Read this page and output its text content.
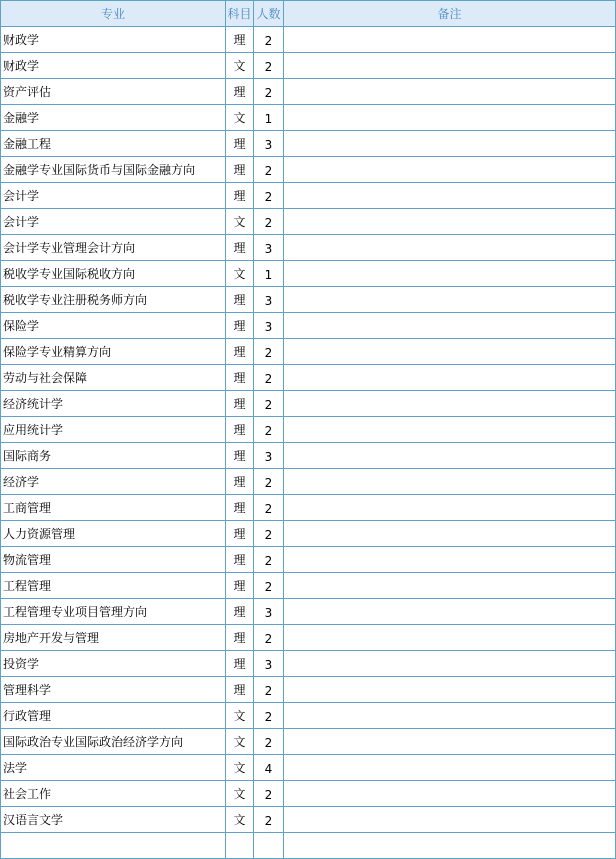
专业	科目	人数	备注
财政学	理	2	
财政学	文	2	
资产评估	理	2	
金融学	文	1	
金融工程	理	3	
金融学专业国际货币与国际金融方向	理	2	
会计学	理	2	
会计学	文	2	
会计学专业管理会计方向	理	3	
税收学专业国际税收方向	文	1	
税收学专业注册税务师方向	理	3	
保险学	理	3	
保险学专业精算方向	理	2	
劳动与社会保障	理	2	
经济统计学	理	2	
应用统计学	理	2	
国际商务	理	3	
经济学	理	2	
工商管理	理	2	
人力资源管理	理	2	
物流管理	理	2	
工程管理	理	2	
工程管理专业项目管理方向	理	3	
房地产开发与管理	理	2	
投资学	理	3	
管理科学	理	2	
行政管理	文	2	
国际政治专业国际政治经济学方向	文	2	
法学	文	4	
社会工作	文	2	
汉语言文学	文	2	
